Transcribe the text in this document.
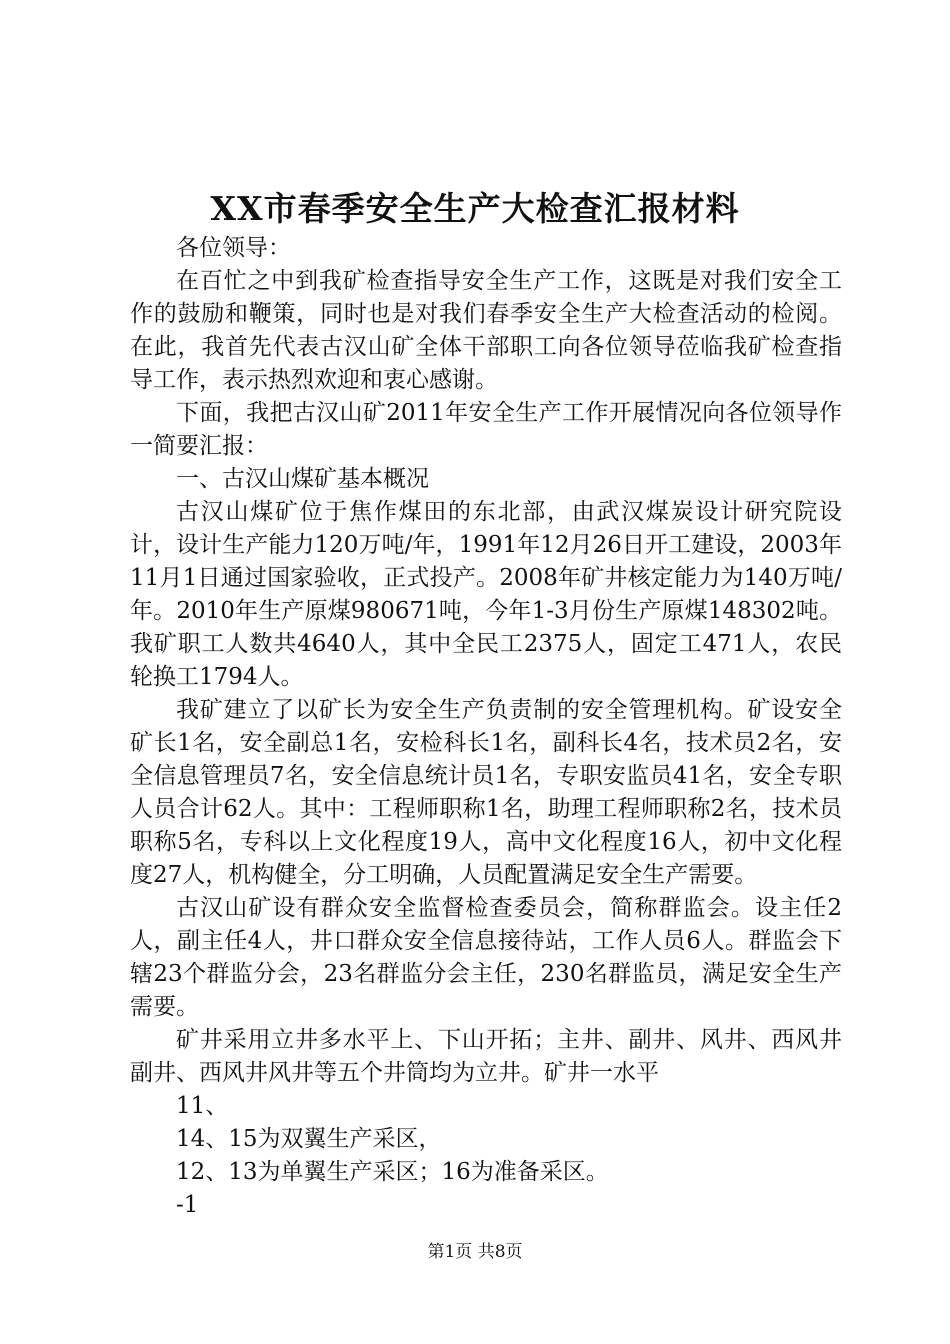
XX市春季安全生产大检查汇报材料

各位领导：

在百忙之中到我矿检查指导安全生产工作，这既是对我们安全工作的鼓励和鞭策，同时也是对我们春季安全生产大检查活动的检阅。在此，我首先代表古汉山矿全体干部职工向各位领导莅临我矿检查指导工作，表示热烈欢迎和衷心感谢。

下面，我把古汉山矿2011年安全生产工作开展情况向各位领导作一简要汇报：

一、古汉山煤矿基本概况

古汉山煤矿位于焦作煤田的东北部，由武汉煤炭设计研究院设计，设计生产能力120万吨/年，1991年12月26日开工建设，2003年11月1日通过国家验收，正式投产。2008年矿井核定能力为140万吨/年。2010年生产原煤980671吨，今年1-3月份生产原煤148302吨。我矿职工人数共4640人，其中全民工2375人，固定工471人，农民轮换工1794人。

我矿建立了以矿长为安全生产负责制的安全管理机构。矿设安全矿长1名，安全副总1名，安检科长1名，副科长4名，技术员2名，安全信息管理员7名，安全信息统计员1名，专职安监员41名，安全专职人员合计62人。其中：工程师职称1名，助理工程师职称2名，技术员职称5名，专科以上文化程度19人，高中文化程度16人，初中文化程度27人，机构健全，分工明确，人员配置满足安全生产需要。

古汉山矿设有群众安全监督检查委员会，简称群监会。设主任2人，副主任4人，井口群众安全信息接待站，工作人员6人。群监会下辖23个群监分会，23名群监分会主任，230名群监员，满足安全生产需要。

矿井采用立井多水平上、下山开拓；主井、副井、风井、西风井副井、西风井风井等五个井筒均为立井。矿井一水平

11、

14、15为双翼生产采区，

12、13为单翼生产采区；16为准备采区。

-1

第1页 共8页
